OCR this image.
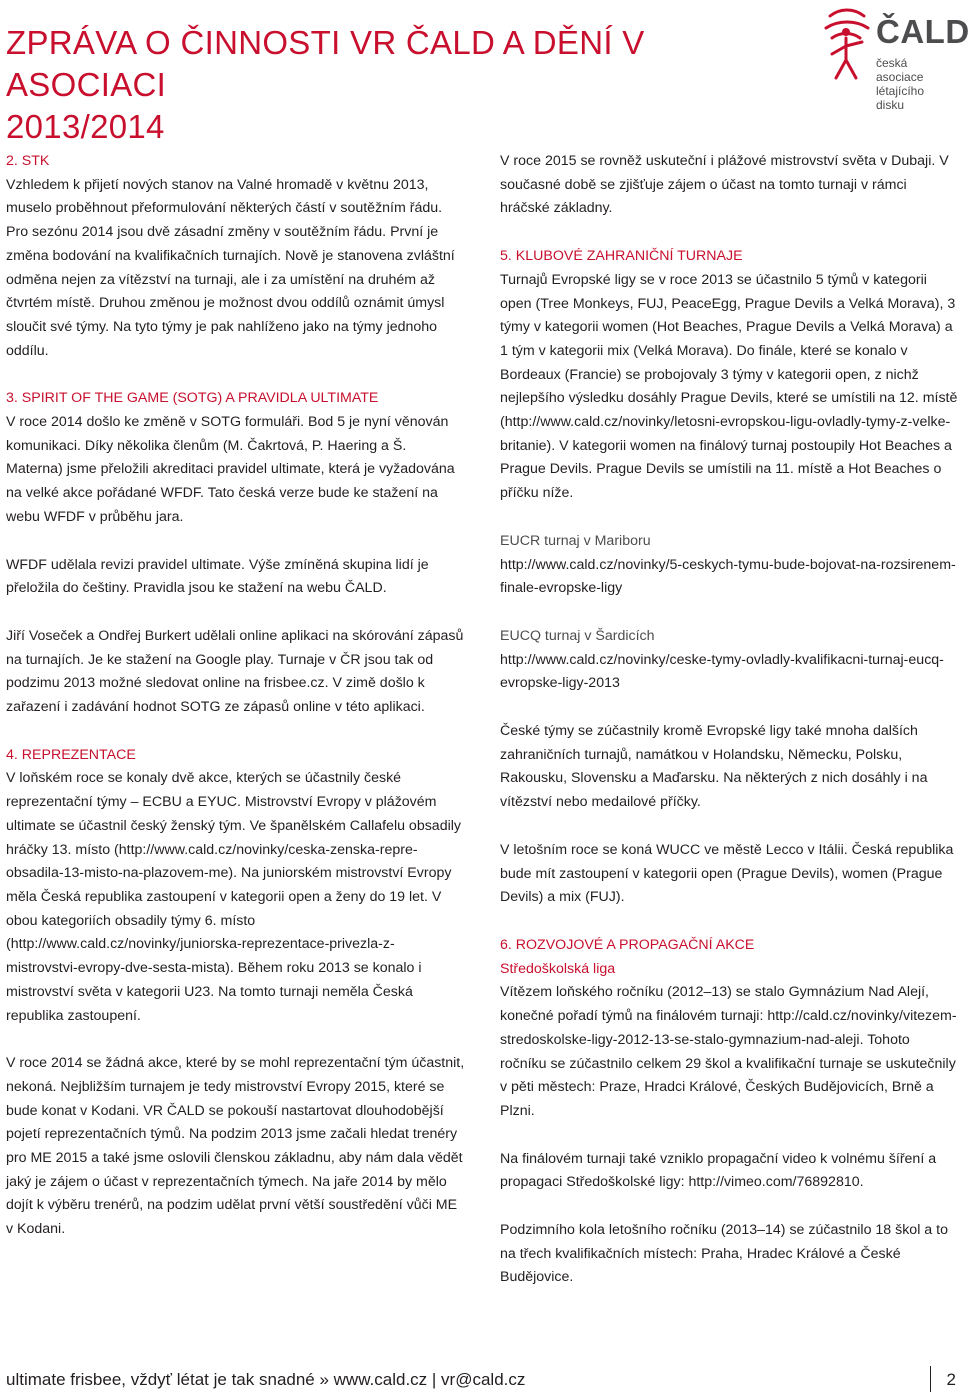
ZPRÁVA O ČINNOSTI VR ČALD A DĚNÍ V ASOCIACI
2013/2014
ČALD
česká asociace
létajícího
disku

2. STK
Vzhledem k přijetí nových stanov na Valné hromadě v květnu 2013, muselo proběhnout přeformulování některých částí v soutěžním řádu. Pro sezónu 2014 jsou dvě zásadní změny v soutěžním řádu. První je změna bodování na kvalifikačních turnajích. Nově je stanovena zvláštní odměna nejen za vítězství na turnaji, ale i za umístění na druhém až čtvrtém místě. Druhou změnou je možnost dvou oddílů oznámit úmysl sloučit své týmy. Na tyto týmy je pak nahlíženo jako na týmy jednoho oddílu.

3. SPIRIT OF THE GAME (SOTG) A PRAVIDLA ULTIMATE
V roce 2014 došlo ke změně v SOTG formuláři. Bod 5 je nyní věnován komunikaci. Díky několika členům (M. Čakrtová, P. Haering a Š. Materna) jsme přeložili akreditaci pravidel ultimate, která je vyžadována na velké akce pořádané WFDF. Tato česká verze bude ke stažení na webu WFDF v průběhu jara.

WFDF udělala revizi pravidel ultimate. Výše zmíněná skupina lidí je přeložila do češtiny. Pravidla jsou ke stažení na webu ČALD.

Jiří Voseček a Ondřej Burkert udělali online aplikaci na skórování zápasů na turnajích. Je ke stažení na Google play. Turnaje v ČR jsou tak od podzimu 2013 možné sledovat online na frisbee.cz. V zimě došlo k zařazení i zadávání hodnot SOTG ze zápasů online v této aplikaci.

4. REPREZENTACE
V loňském roce se konaly dvě akce, kterých se účastnily české reprezentační týmy – ECBU a EYUC. Mistrovství Evropy v plážovém ultimate se účastnil český ženský tým. Ve španělském Callafelu obsadily hráčky 13. místo (http://www.cald.cz/novinky/ceska-zenska-repre-obsadila-13-misto-na-plazovem-me). Na juniorském mistrovství Evropy měla Česká republika zastoupení v kategorii open a ženy do 19 let. V obou kategoriích obsadily týmy 6. místo (http://www.cald.cz/novinky/juniorska-reprezentace-privezla-z-mistrovstvi-evropy-dve-sesta-mista). Během roku 2013 se konalo i mistrovství světa v kategorii U23. Na tomto turnaji neměla Česká republika zastoupení.

V roce 2014 se žádná akce, které by se mohl reprezentační tým účastnit, nekoná. Nejbližším turnajem je tedy mistrovství Evropy 2015, které se bude konat v Kodani. VR ČALD se pokouší nastartovat dlouhodobější pojetí reprezentačních týmů. Na podzim 2013 jsme začali hledat trenéry pro ME 2015 a také jsme oslovili členskou základnu, aby nám dala vědět jaký je zájem o účast v reprezentačních týmech. Na jaře 2014 by mělo dojít k výběru trenérů, na podzim udělat první větší soustředění vůči ME v Kodani.

V roce 2015 se rovněž uskuteční i plážové mistrovství světa v Dubaji. V současné době se zjišťuje zájem o účast na tomto turnaji v rámci hráčské základny.

5. KLUBOVÉ ZAHRANIČNÍ TURNAJE
Turnajů Evropské ligy se v roce 2013 se účastnilo 5 týmů v kategorii open (Tree Monkeys, FUJ, PeaceEgg, Prague Devils a Velká Morava), 3 týmy v kategorii women (Hot Beaches, Prague Devils a Velká Morava) a 1 tým v kategorii mix (Velká Morava). Do finále, které se konalo v Bordeaux (Francie) se probojovaly 3 týmy v kategorii open, z nichž nejlepšího výsledku dosáhly Prague Devils, které se umístili na 12. místě (http://www.cald.cz/novinky/letosni-evropskou-ligu-ovladly-tymy-z-velke-britanie). V kategorii women na finálový turnaj postoupily Hot Beaches a Prague Devils. Prague Devils se umístili na 11. místě a Hot Beaches o příčku níže.

EUCR turnaj v Mariboru
http://www.cald.cz/novinky/5-ceskych-tymu-bude-bojovat-na-rozsirenem-finale-evropske-ligy

EUCQ turnaj v Šardicích
http://www.cald.cz/novinky/ceske-tymy-ovladly-kvalifikacni-turnaj-eucq-evropske-ligy-2013

České týmy se zúčastnily kromě Evropské ligy také mnoha dalších zahraničních turnajů, namátkou v Holandsku, Německu, Polsku, Rakousku, Slovensku a Maďarsku. Na některých z nich dosáhly i na vítězství nebo medailové příčky.

V letošním roce se koná WUCC ve městě Lecco v Itálii. Česká republika bude mít zastoupení v kategorii open (Prague Devils), women (Prague Devils) a mix (FUJ).

6. ROZVOJOVÉ A PROPAGAČNÍ AKCE
Středoškolská liga
Vítězem loňského ročníku (2012–13) se stalo Gymnázium Nad Alejí, konečné pořadí týmů na finálovém turnaji: http://cald.cz/novinky/vitezem-stredoskolske-ligy-2012-13-se-stalo-gymnazium-nad-aleji. Tohoto ročníku se zúčastnilo celkem 29 škol a kvalifikační turnaje se uskutečnily v pěti městech: Praze, Hradci Králové, Českých Budějovicích, Brně a Plzni.

Na finálovém turnaji také vzniklo propagační video k volnému šíření a propagaci Středoškolské ligy: http://vimeo.com/76892810.

Podzimního kola letošního ročníku (2013–14) se zúčastnilo 18 škol a to na třech kvalifikačních místech: Praha, Hradec Králové a České Budějovice.

ultimate frisbee, vždyť létat je tak snadné » www.cald.cz | vr@cald.cz	2
